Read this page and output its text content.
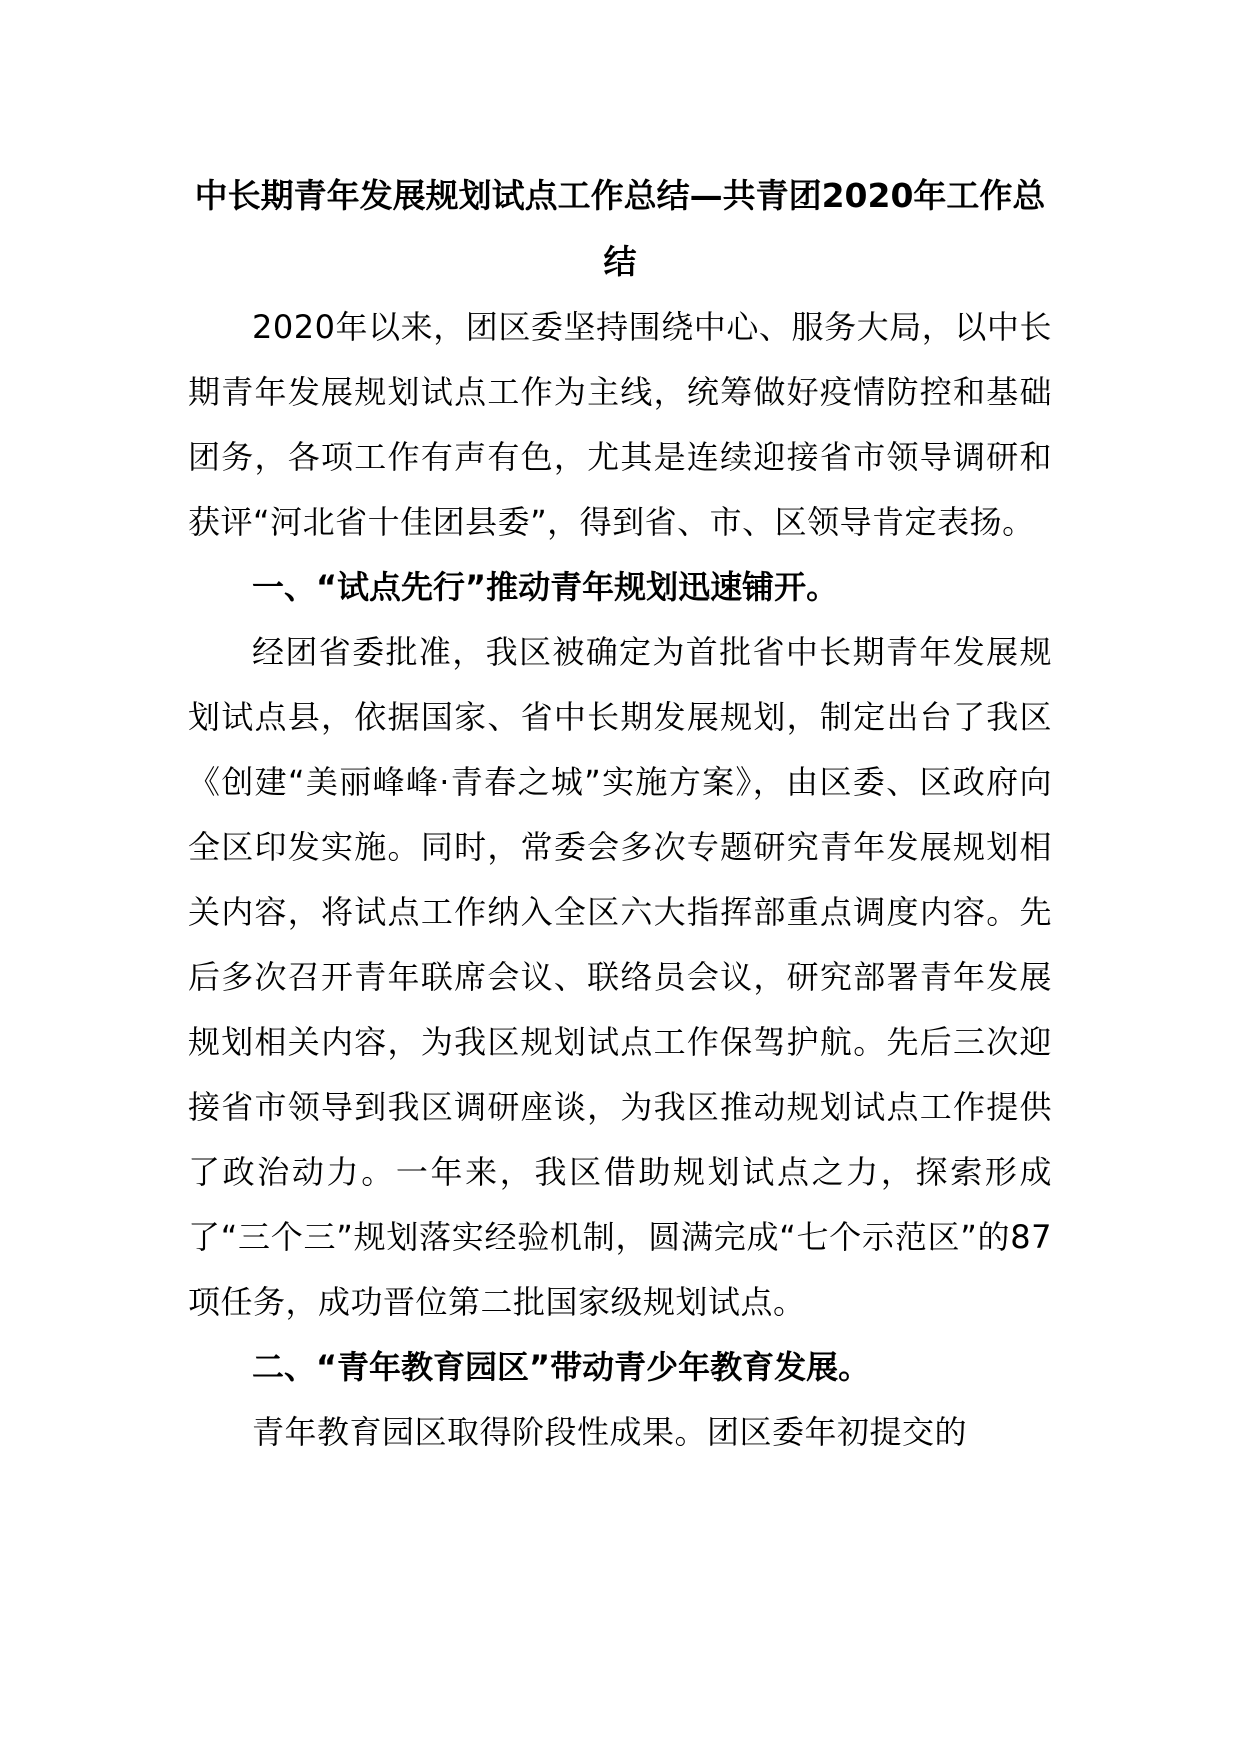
中长期青年发展规划试点工作总结—共青团2020年工作总结

2020年以来，团区委坚持围绕中心、服务大局，以中长期青年发展规划试点工作为主线，统筹做好疫情防控和基础团务，各项工作有声有色，尤其是连续迎接省市领导调研和获评“河北省十佳团县委”，得到省、市、区领导肯定表扬。

一、“试点先行”推动青年规划迅速铺开。

经团省委批准，我区被确定为首批省中长期青年发展规划试点县，依据国家、省中长期发展规划，制定出台了我区《创建“美丽峰峰·青春之城”实施方案》，由区委、区政府向全区印发实施。同时，常委会多次专题研究青年发展规划相关内容，将试点工作纳入全区六大指挥部重点调度内容。先后多次召开青年联席会议、联络员会议，研究部署青年发展规划相关内容，为我区规划试点工作保驾护航。先后三次迎接省市领导到我区调研座谈，为我区推动规划试点工作提供了政治动力。一年来，我区借助规划试点之力，探索形成了“三个三”规划落实经验机制，圆满完成“七个示范区”的87项任务，成功晋位第二批国家级规划试点。

二、“青年教育园区”带动青少年教育发展。

青年教育园区取得阶段性成果。团区委年初提交的
